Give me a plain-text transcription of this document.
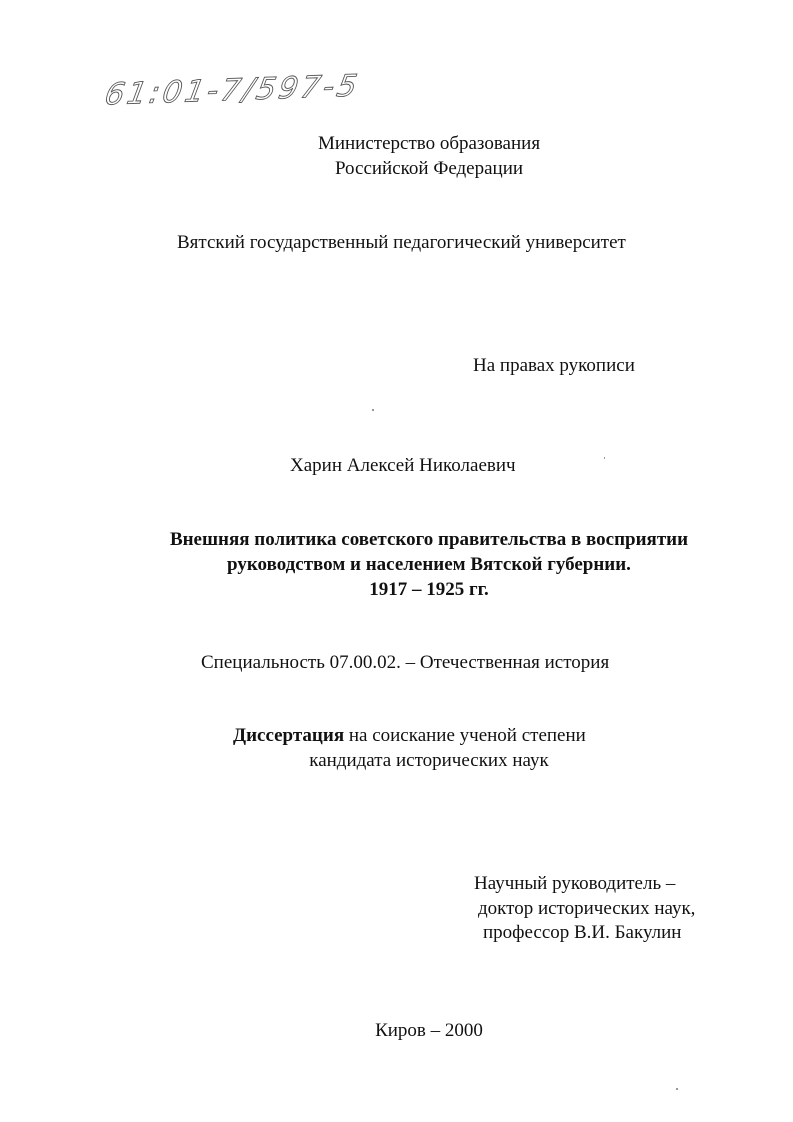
61:01-7/597-5
Министерство образования
Российской Федерации
Вятский государственный педагогический университет
На правах рукописи
Харин Алексей Николаевич
Внешняя политика советского правительства в восприятии
руководством и населением Вятской губернии.
1917 – 1925 гг.
Специальность 07.00.02. – Отечественная история
Диссертация на соискание ученой степени
кандидата исторических наук
Научный руководитель –
доктор исторических наук,
профессор В.И. Бакулин
Киров – 2000
